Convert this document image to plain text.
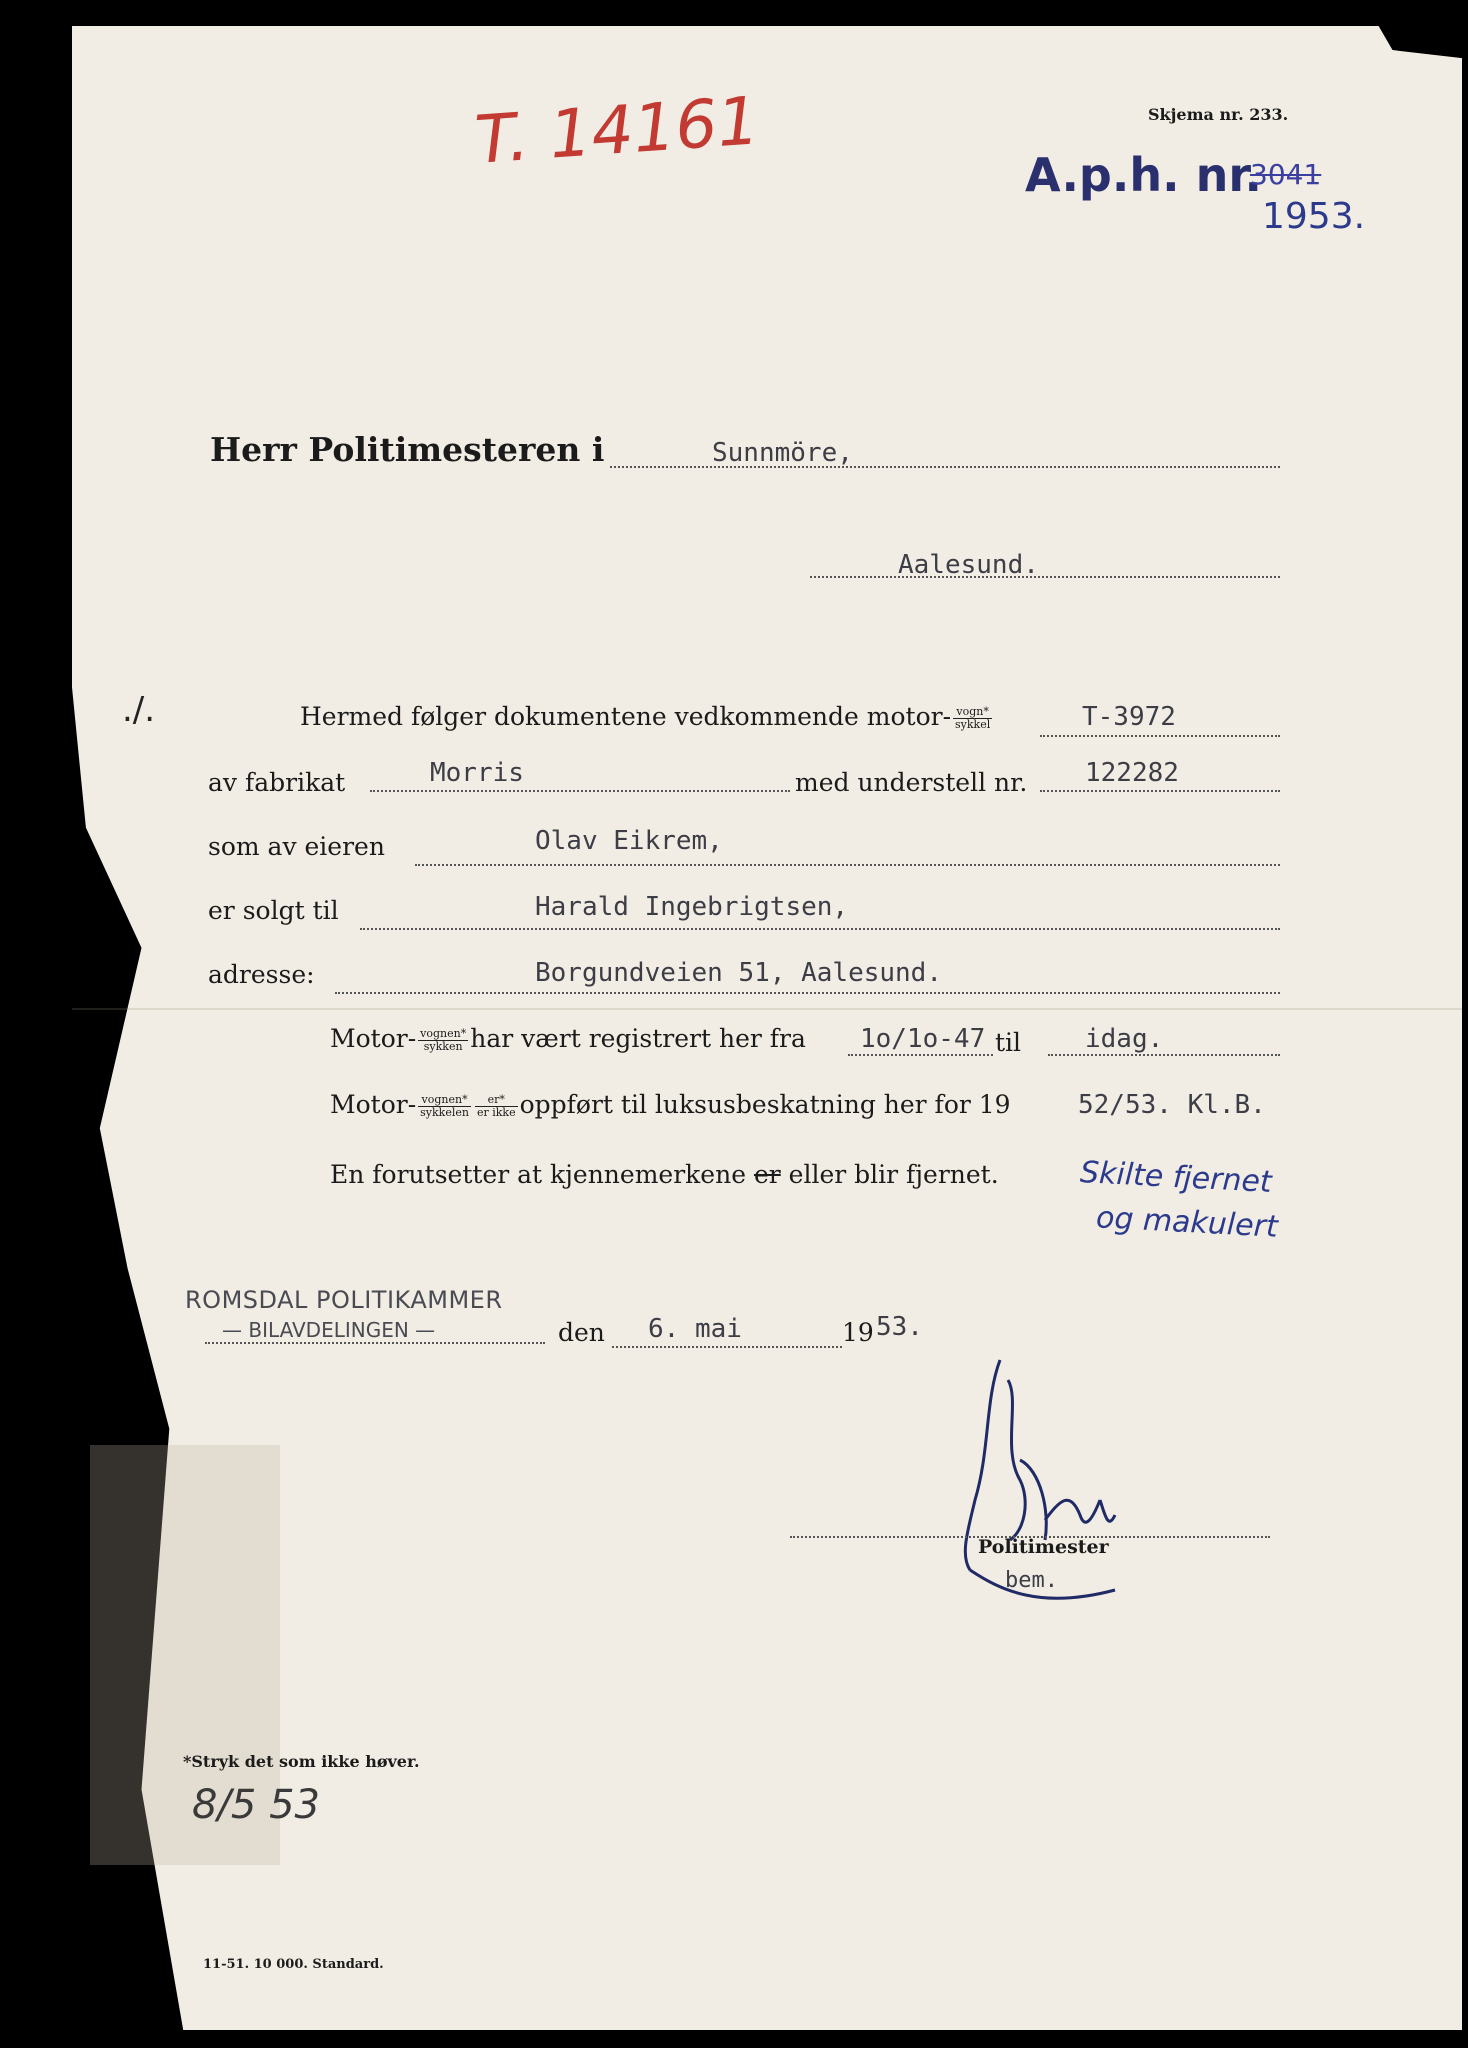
T. 14161	Skjema nr. 233.
A.p.h. nr.
3041
1953.
Herr Politimesteren i	Sunnmöre,
Aalesund.
./.	Hermed følger dokumentene vedkommende motor- $\frac{\text{vogn*}}{\text{sykkel}}$	T-3972
av fabrikat	Morris	med understell nr. 122282
som av eieren	Olav Eikrem,
er solgt til	Harald Ingebrigtsen,
adresse:	Borgundveien 51, Aalesund.
Motor- $\frac{\text{vognen*}}{\text{sykken}}$ har vært registrert her fra 1o/1o-47 til idag.
Motor- $\frac{\text{vognen*}}{\text{sykkelen}} \frac{er*}{\text{er ikke}}$ oppført til luksusbeskatning her for 19	52/53. Kl.B.
En forutsetter at kjennemerkene er eller blir fjernet.	Skilte fjernet
og makulert
ROMSDAL POLITIKAMMER
— BILAVDELINGEN —	den 6. mai	19 53.
Politimester
bem.
*Stryk det som ikke høver.
8/5 53
11-51. 10 000. Standard.
